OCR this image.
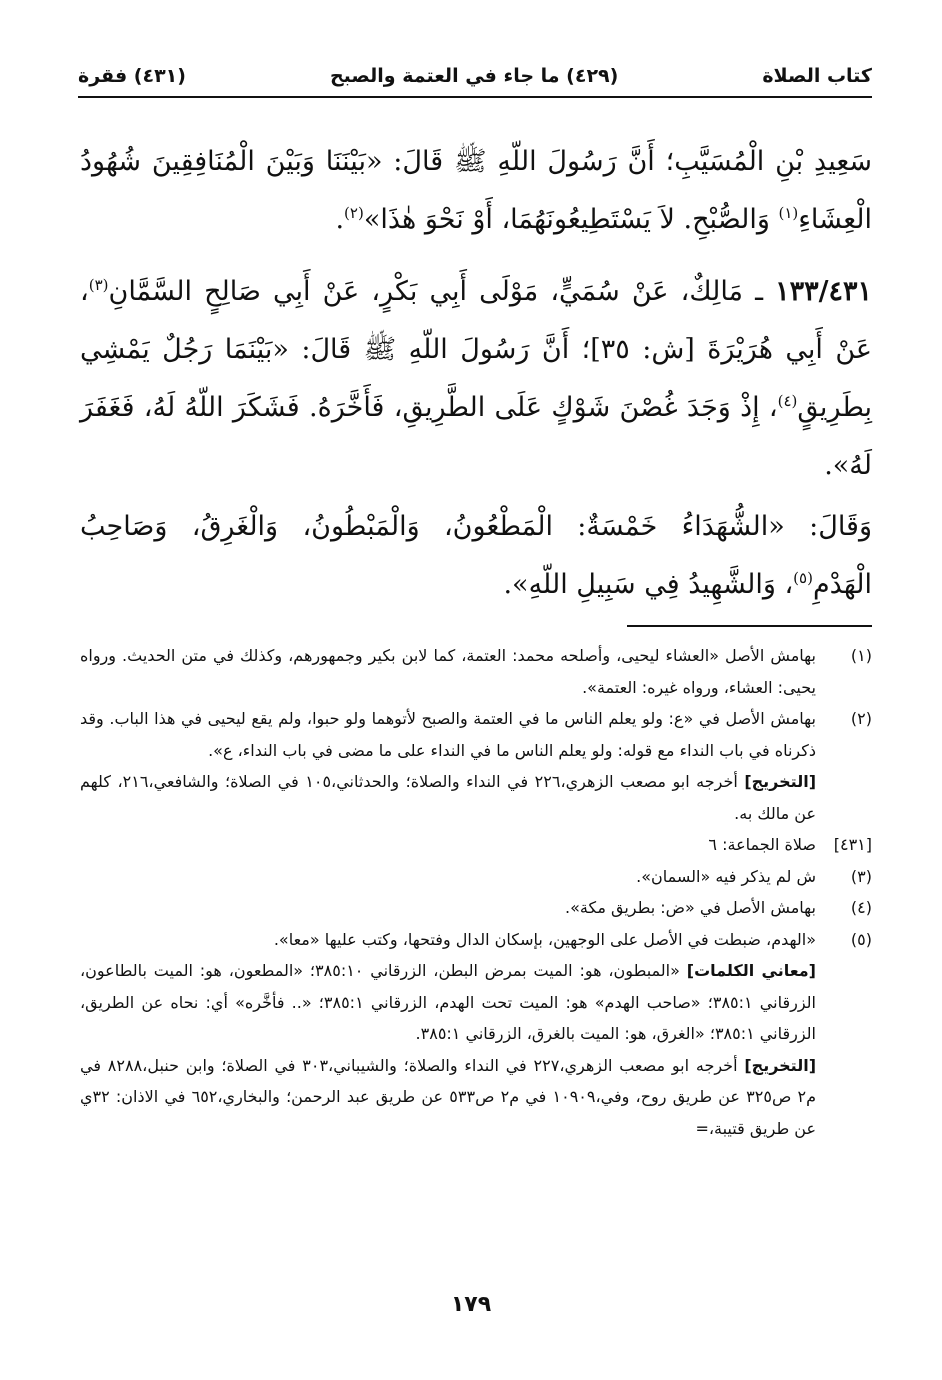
كتاب الصلاة
(٤٢٩) ما جاء في العتمة والصبح
(٤٣١) فقرة

سَعِيدِ بْنِ الْمُسَيَّبِ؛ أَنَّ رَسُولَ اللّهِ ﷺ قَالَ: «بَيْنَنَا وَبَيْنَ الْمُنَافِقِينَ شُهُودُ الْعِشَاءِ$^{(١)}$ وَالصُّبْحِ. لاَ يَسْتَطِيعُونَهُمَا، أَوْ نَحْوَ هٰذَا»$^{(٢)}$.

١٣٣/٤٣١ ـ مَالِكٌ، عَنْ سُمَيٍّ، مَوْلَى أَبِي بَكْرٍ، عَنْ أَبِي صَالِحٍ السَّمَّانِ$^{(٣)}$، عَنْ أَبِي هُرَيْرَةَ [ش: ٣٥]؛ أَنَّ رَسُولَ اللّهِ ﷺ قَالَ: «بَيْنَمَا رَجُلٌ يَمْشِي بِطَرِيقٍ$^{(٤)}$، إِذْ وَجَدَ غُصْنَ شَوْكٍ عَلَى الطَّرِيقِ، فَأَخَّرَهُ. فَشَكَرَ اللّهُ لَهُ، فَغَفَرَ لَهُ».

وَقَالَ: «الشُّهَدَاءُ خَمْسَةٌ: الْمَطْعُونُ، وَالْمَبْطُونُ، وَالْغَرِقُ، وَصَاحِبُ الْهَدْمِ$^{(٥)}$، وَالشَّهِيدُ فِي سَبِيلِ اللّهِ».

(١)

بهامش الأصل «العشاء ليحيى، وأصلحه محمد: العتمة، كما لابن بكير وجمهورهم، وكذلك في متن الحديث. ورواه يحيى: العشاء، ورواه غيره: العتمة».

(٢)

بهامش الأصل في «ع: ولو يعلم الناس ما في العتمة والصبح لأتوهما ولو حبوا، ولم يقع ليحيى في هذا الباب. وقد ذكرناه في باب النداء مع قوله: ولو يعلم الناس ما في النداء على ما مضى في باب النداء، ع».

[التخريج] أخرجه ابو مصعب الزهري،٢٢٦ في النداء والصلاة؛ والحدثاني،١٠٥ في الصلاة؛ والشافعي،٢١٦، كلهم عن مالك به.

[٤٣١]

صلاة الجماعة: ٦

(٣)

ش لم يذكر فيه «السمان».

(٤)

بهامش الأصل في «ض: بطريق مكة».

(٥)

«الهدم، ضبطت في الأصل على الوجهين، بإسكان الدال وفتحها، وكتب عليها «معا».

[معاني الكلمات] «المبطون، هو: الميت بمرض البطن، الزرقاني ٣٨٥:١٠؛ «المطعون، هو: الميت بالطاعون، الزرقاني ٣٨٥:١؛ «صاحب الهدم» هو: الميت تحت الهدم، الزرقاني ٣٨٥:١؛ «.. فأخَّره» أي: نحاه عن الطريق، الزرقاني ٣٨٥:١؛ «الغرق، هو: الميت بالغرق، الزرقاني ٣٨٥:١.

[التخريج] أخرجه ابو مصعب الزهري،٢٢٧ في النداء والصلاة؛ والشيباني،٣٠٣ في الصلاة؛ وابن حنبل،٨٢٨٨ في م٢ ص٣٢٥ عن طريق روح، وفي،١٠٩٠٩ في م٢ ص٥٣٣ عن طريق عبد الرحمن؛ والبخاري،٦٥٢ في الاذان: ٣٢ي عن طريق قتيبة،=

١٧٩
